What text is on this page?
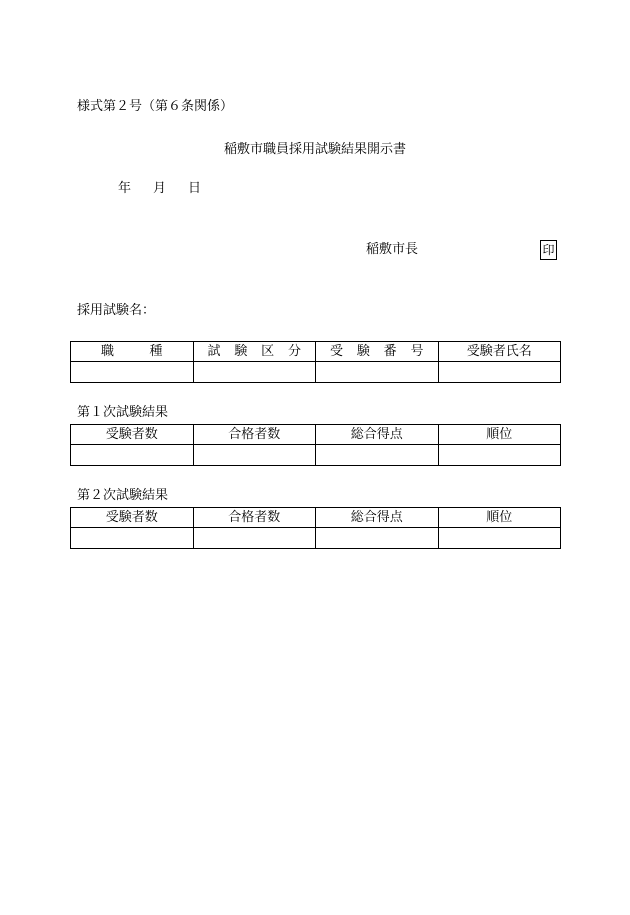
様式第２号（第６条関係）
稲敷市職員採用試験結果開示書
年 月 日
稲敷市長	印
採用試験名：
職 種	試 験 区 分	受 験 番 号	受験者氏名

第１次試験結果
受験者数	合格者数	総合得点	順位

第２次試験結果
受験者数	合格者数	総合得点	順位
